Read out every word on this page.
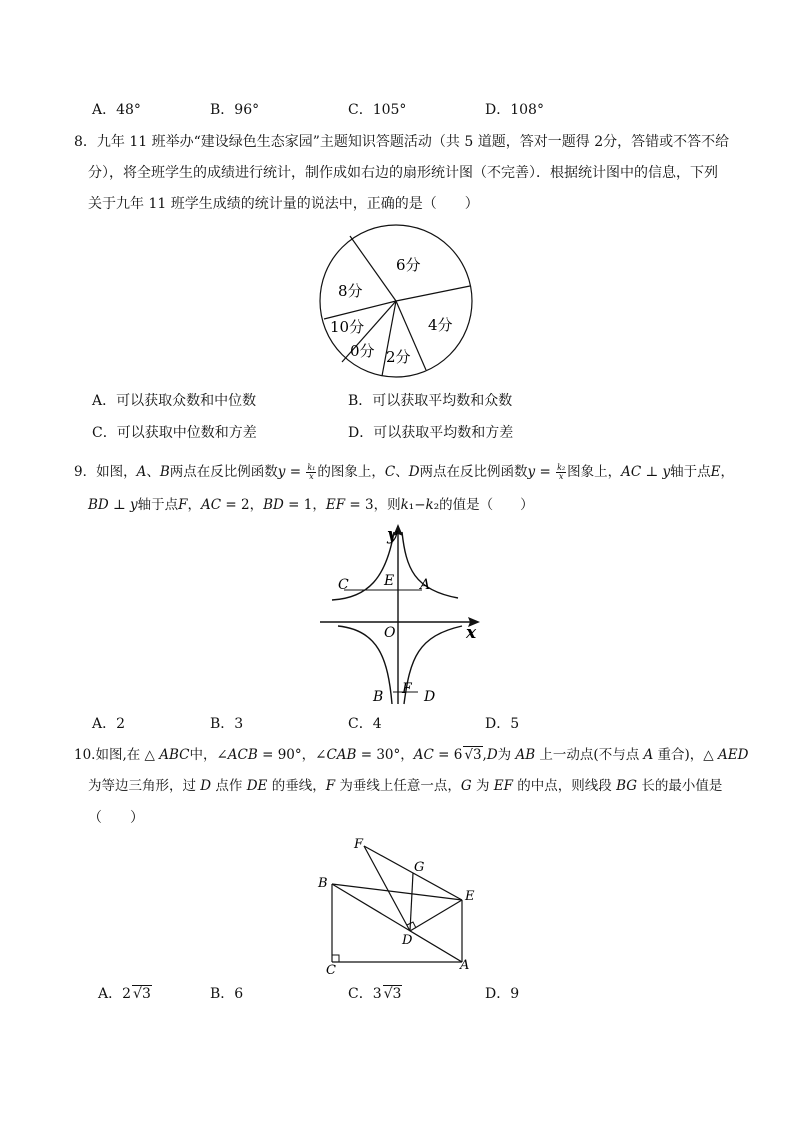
A．48°	B．96°	C．105°	D．108°
8．九年 11 班举办“建设绿色生态家园”主题知识答题活动（共 5 道题，答对一题得 2分，答错或不答不给
分），将全班学生的成绩进行统计，制作成如右边的扇形统计图（不完善）．根据统计图中的信息，下列
关于九年 11 班学生成绩的统计量的说法中，正确的是（　　）
6分
4分
2分
0分
10分
8分
A．可以获取众数和中位数	B．可以获取平均数和众数
C．可以获取中位数和方差	D．可以获取平均数和方差
9．如图，A、B两点在反比例函数$y = \frac{\text{k₁}}{x}$ 的图象上，C、D两点在反比例函数$y = \frac{\text{k₂}}{x}$ 图象上，AC ⊥ y轴于点E，
BD ⊥ y轴于点F，AC = 2，BD = 1，EF = 3，则k₁−k₂的值是（　　）
y
x
O
C	E A
B F D
A．2	B．3	C．4	D．5
10.如图,在 △ ABC中，∠ACB = 90°，∠CAB = 30°，AC = 6 √3,D为 AB 上一动点(不与点 A 重合)，△ AED
为等边三角形，过 D 点作 DE 的垂线，F 为垂线上任意一点，G 为 EF 的中点，则线段 BG 长的最小值是
（　　）
F
G
B
E
D
C	A
A．2 √3	B．6	C．3 √3	D．9
